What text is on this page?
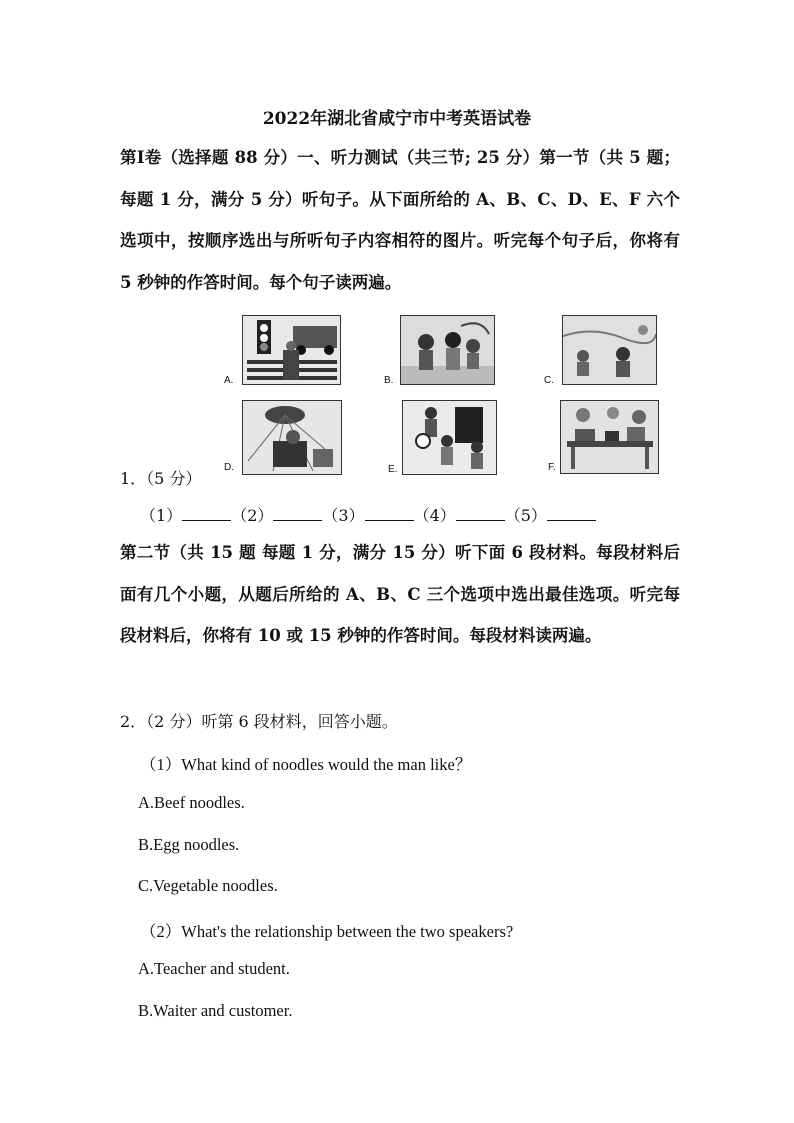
2022年湖北省咸宁市中考英语试卷

第Ⅰ卷（选择题 88 分）一、听力测试（共三节; 25 分）第一节（共 5 题；每题 1 分，满分 5 分）听句子。从下面所给的 A、B、C、D、E、F 六个选项中，按顺序选出与所听句子内容相符的图片。听完每个句子后，你将有 5 秒钟的作答时间。每个句子读两遍。

A.	B.	C.
D.	E.	F.
1．（5 分）
（1）	（2）	（3）	（4）	（5）

第二节（共 15 题 每题 1 分，满分 15 分）听下面 6 段材料。每段材料后面有几个小题，从题后所给的 A、B、C 三个选项中选出最佳选项。听完每段材料后，你将有 10 或 15 秒钟的作答时间。每段材料读两遍。

2．（2 分）听第 6 段材料，回答小题。
（1）What kind of noodles would the man like？
A.Beef noodles.
B.Egg noodles.
C.Vegetable noodles.
（2）What's the relationship between the two speakers?
A.Teacher and student.
B.Waiter and customer.
